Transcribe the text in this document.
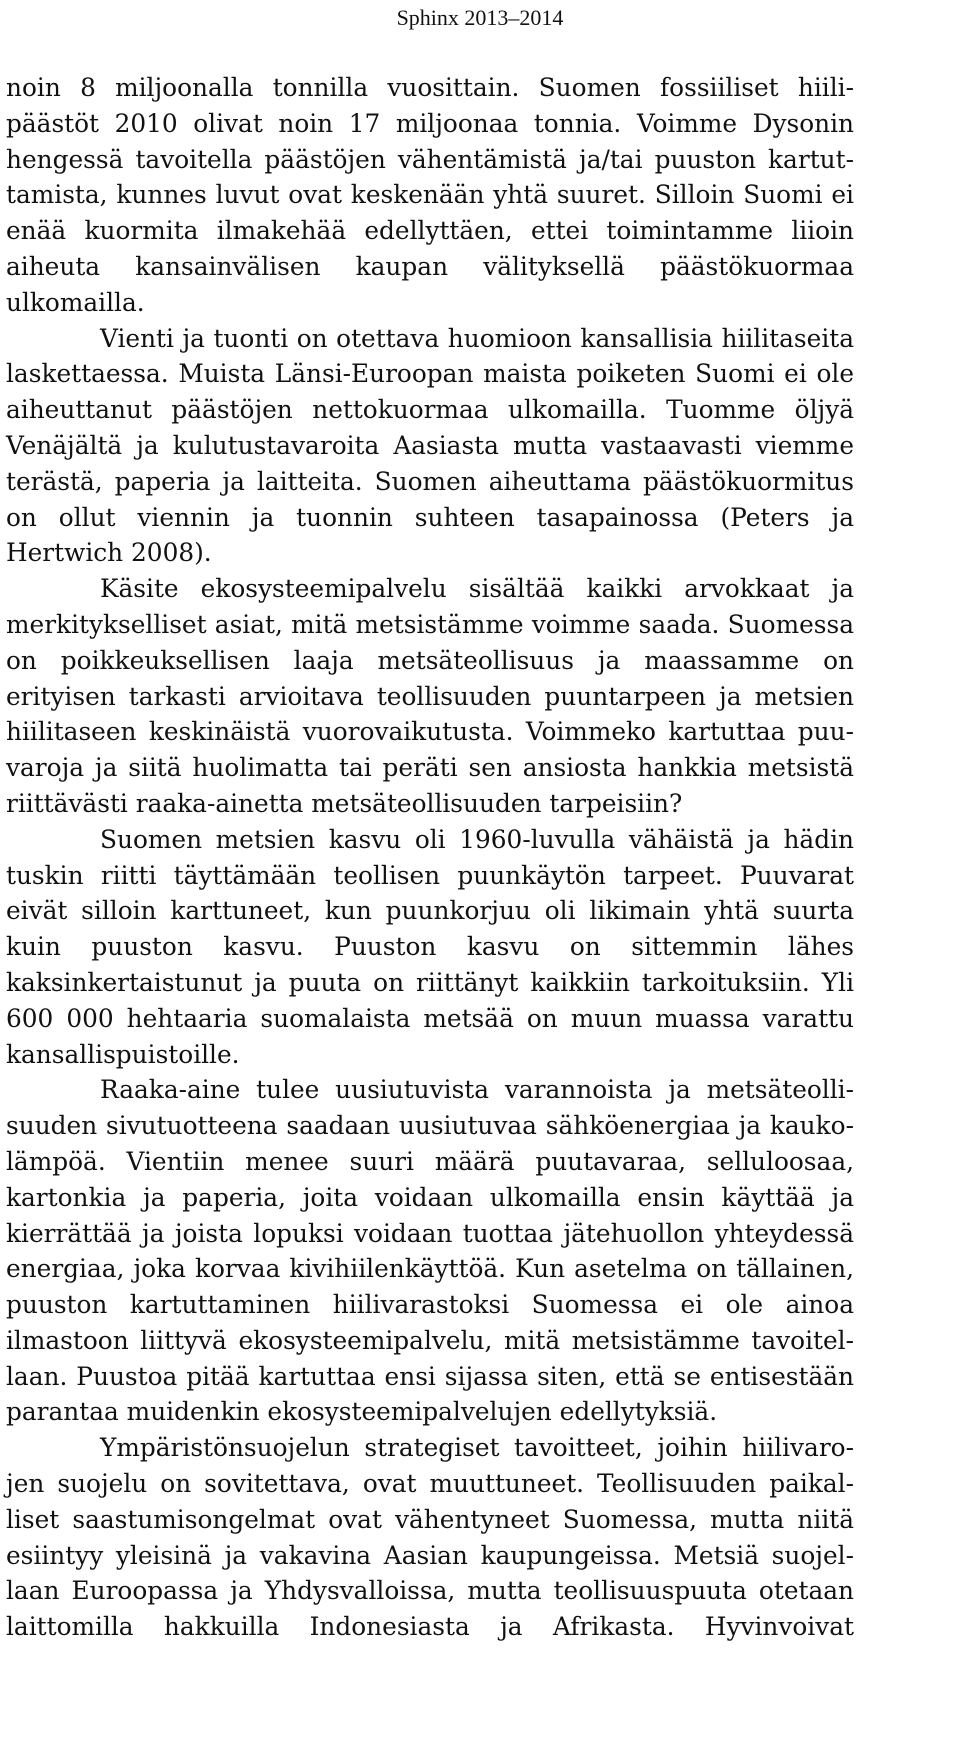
Sphinx 2013–2014

noin 8 miljoonalla tonnilla vuosittain. Suomen fossiiliset hiilipäästöt 2010 olivat noin 17 miljoonaa tonnia. Voimme Dysonin hengessä tavoitella päästöjen vähentämistä ja/tai puuston kartuttamista, kunnes luvut ovat keskenään yhtä suuret. Silloin Suomi ei enää kuormita ilmakehää edellyttäen, ettei toimintamme liioin aiheuta kansainvälisen kaupan välityksellä päästökuormaa ulkomailla.

Vienti ja tuonti on otettava huomioon kansallisia hiilitaseita laskettaessa. Muista Länsi-Euroopan maista poiketen Suomi ei ole aiheuttanut päästöjen nettokuormaa ulkomailla. Tuomme öljyä Venäjältä ja kulutustavaroita Aasiasta mutta vastaavasti viemme terästä, paperia ja laitteita. Suomen aiheuttama päästökuormitus on ollut viennin ja tuonnin suhteen tasapainossa (Peters ja Hertwich 2008).

Käsite ekosysteemipalvelu sisältää kaikki arvokkaat ja merkitykselliset asiat, mitä metsistämme voimme saada. Suomessa on poikkeuksellisen laaja metsäteollisuus ja maassamme on erityisen tarkasti arvioitava teollisuuden puuntarpeen ja metsien hiilitaseen keskinäistä vuorovaikutusta. Voimmeko kartuttaa puuvaroja ja siitä huolimatta tai peräti sen ansiosta hankkia metsistä riittävästi raaka-ainetta metsäteollisuuden tarpeisiin?

Suomen metsien kasvu oli 1960-luvulla vähäistä ja hädin tuskin riitti täyttämään teollisen puunkäytön tarpeet. Puuvarat eivät silloin karttuneet, kun puunkorjuu oli likimain yhtä suurta kuin puuston kasvu. Puuston kasvu on sittemmin lähes kaksinkertaistunut ja puuta on riittänyt kaikkiin tarkoituksiin. Yli 600 000 hehtaaria suomalaista metsää on muun muassa varattu kansallispuistoille.

Raaka-aine tulee uusiutuvista varannoista ja metsäteollisuuden sivutuotteena saadaan uusiutuvaa sähköenergiaa ja kaukolämpöä. Vientiin menee suuri määrä puutavaraa, selluloosaa, kartonkia ja paperia, joita voidaan ulkomailla ensin käyttää ja kierrättää ja joista lopuksi voidaan tuottaa jätehuollon yhteydessä energiaa, joka korvaa kivihiilenkäyttöä. Kun asetelma on tällainen, puuston kartuttaminen hiilivarastoksi Suomessa ei ole ainoa ilmastoon liittyvä ekosysteemipalvelu, mitä metsistämme tavoitellaan. Puustoa pitää kartuttaa ensi sijassa siten, että se entisestään parantaa muidenkin ekosysteemipalvelujen edellytyksiä.

Ympäristönsuojelun strategiset tavoitteet, joihin hiilivarojen suojelu on sovitettava, ovat muuttuneet. Teollisuuden paikalliset saastumisongelmat ovat vähentyneet Suomessa, mutta niitä esiintyy yleisinä ja vakavina Aasian kaupungeissa. Metsiä suojellaan Euroopassa ja Yhdysvalloissa, mutta teollisuuspuuta otetaan laittomilla hakkuilla Indonesiasta ja Afrikasta. Hyvinvoivat
